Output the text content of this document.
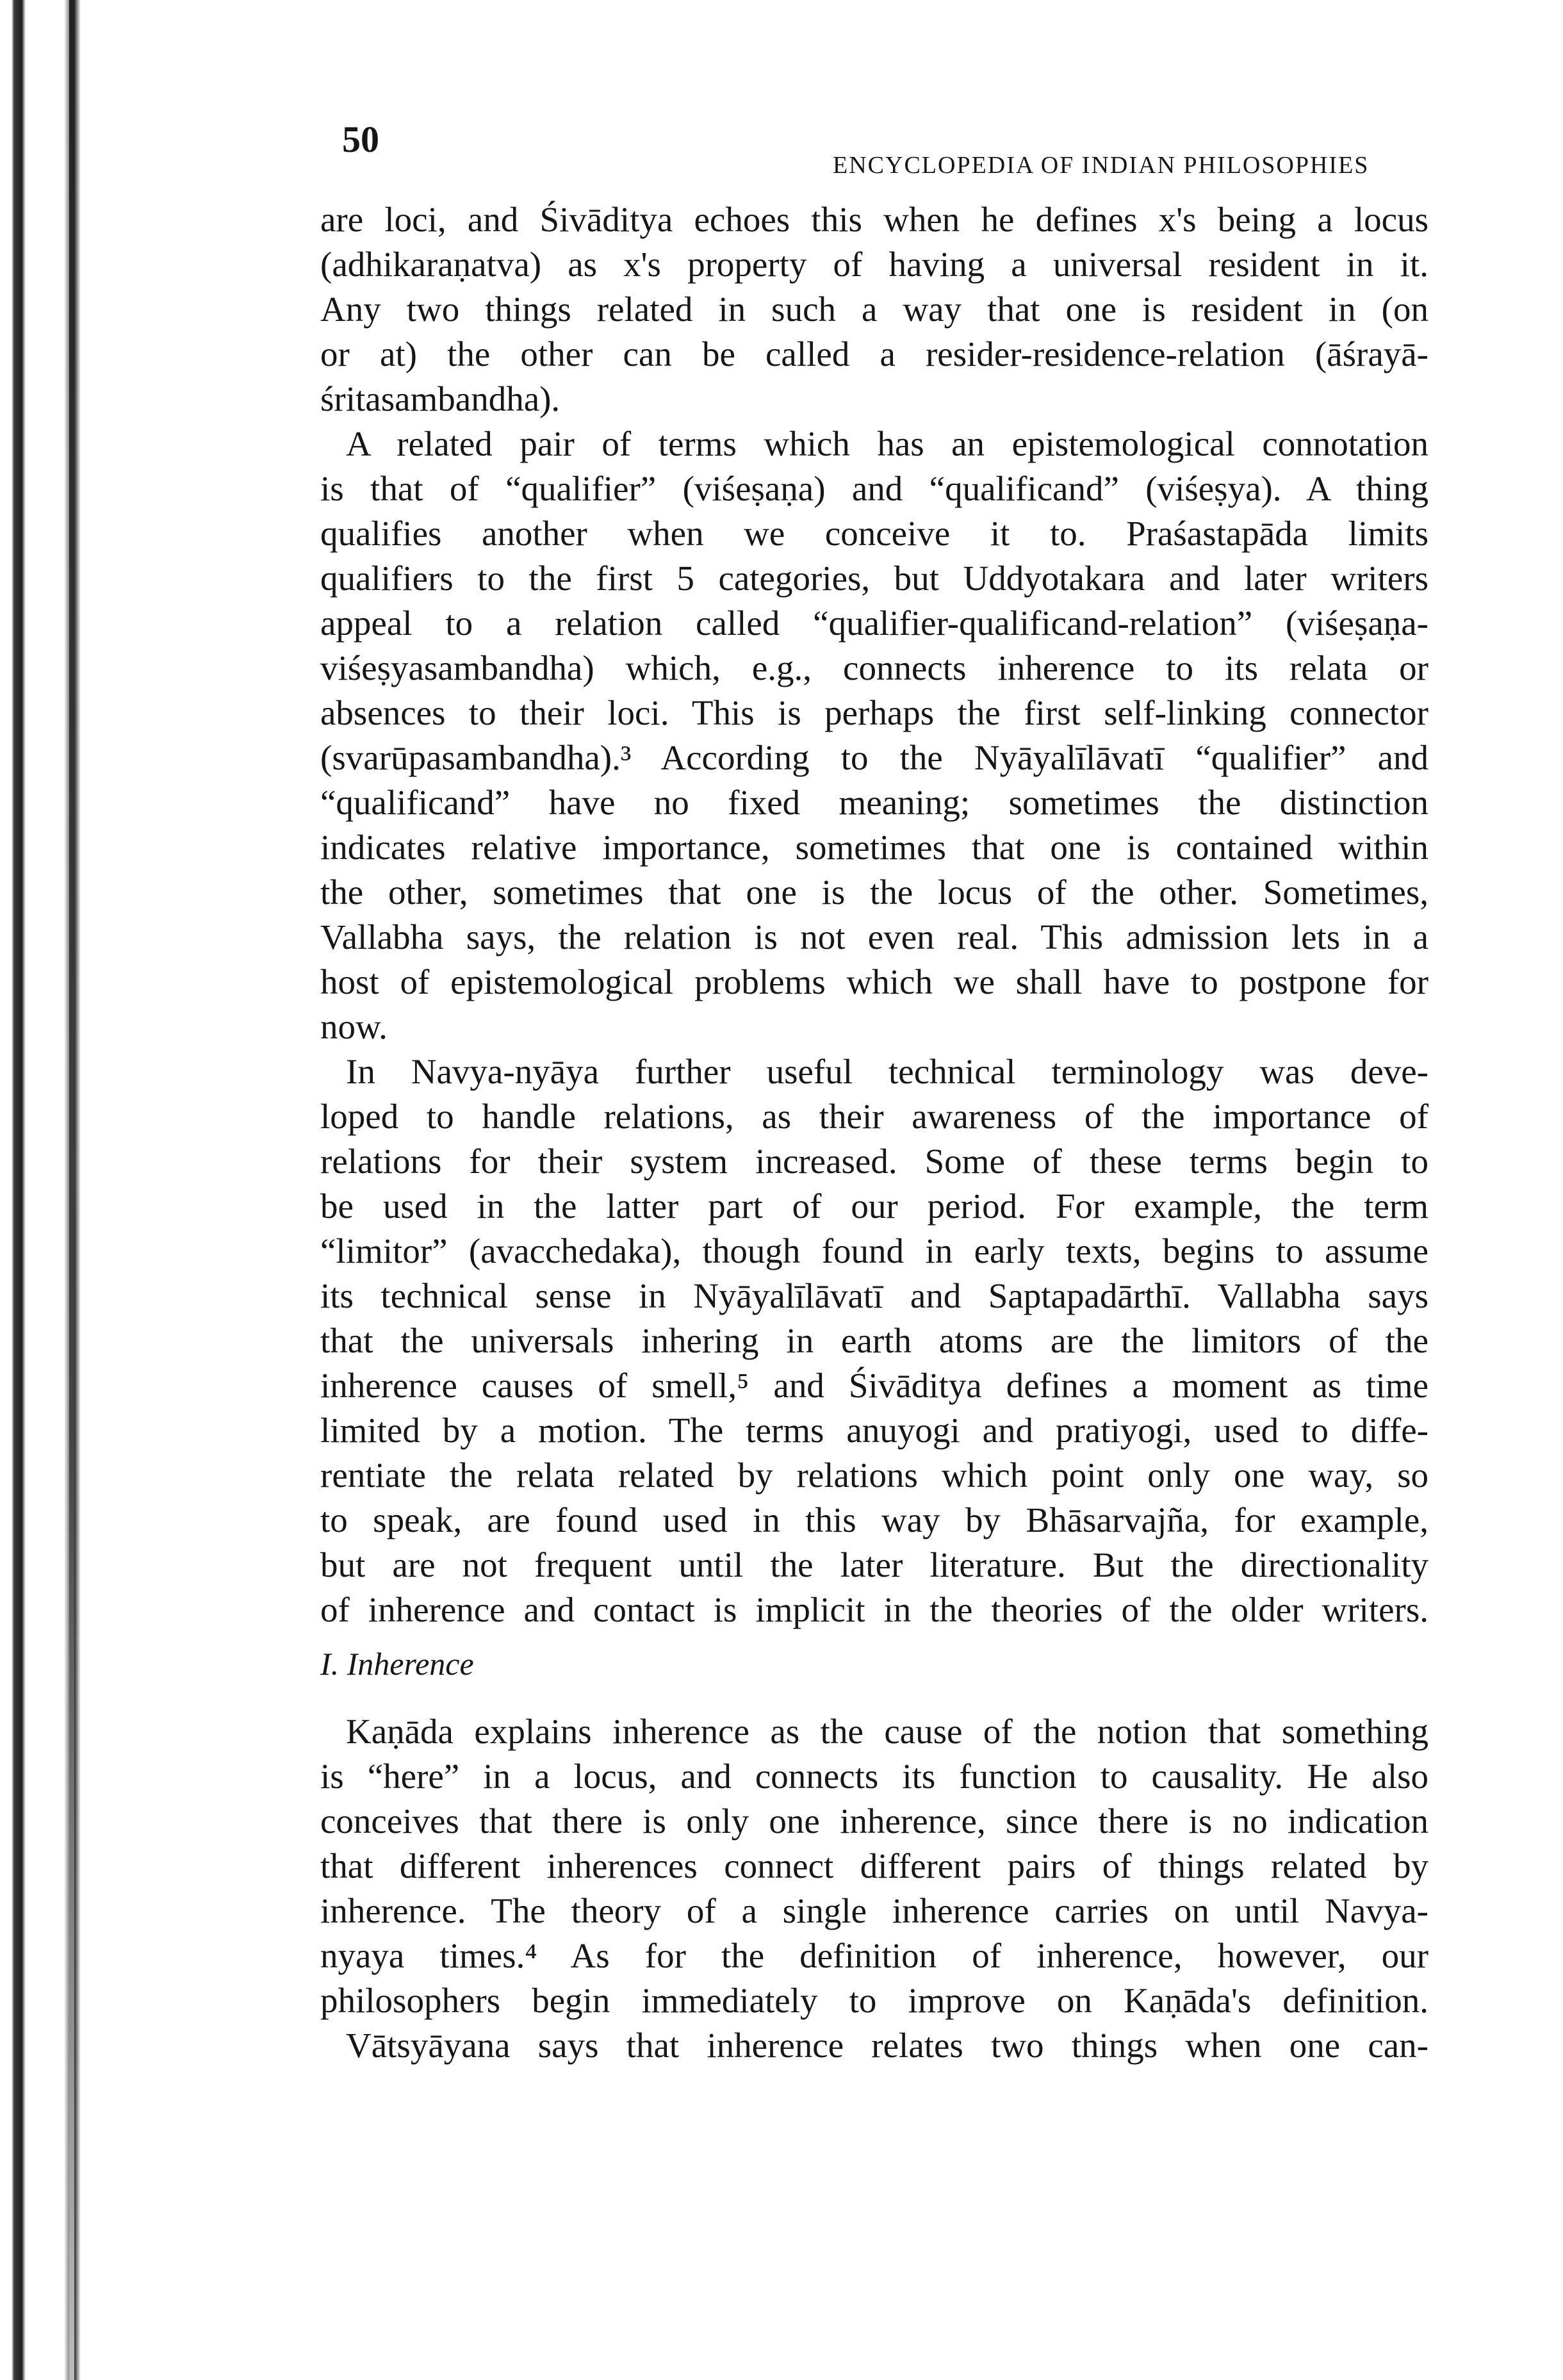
50
ENCYCLOPEDIA OF INDIAN PHILOSOPHIES
are loci, and Śivāditya echoes this when he defines x's being a locus
(adhikaraṇatva) as x's property of having a universal resident in it.
Any two things related in such a way that one is resident in (on
or at) the other can be called a resider-residence-relation (āśrayā-
śritasambandha).
A related pair of terms which has an epistemological connotation
is that of “qualifier” (viśeṣaṇa) and “qualificand” (viśeṣya). A thing
qualifies another when we conceive it to. Praśastapāda limits
qualifiers to the first 5 categories, but Uddyotakara and later writers
appeal to a relation called “qualifier-qualificand-relation” (viśeṣaṇa-
viśeṣyasambandha) which, e.g., connects inherence to its relata or
absences to their loci. This is perhaps the first self-linking connector
(svarūpasambandha).³ According to the Nyāyalīlāvatī “qualifier” and
“qualificand” have no fixed meaning; sometimes the distinction
indicates relative importance, sometimes that one is contained within
the other, sometimes that one is the locus of the other. Sometimes,
Vallabha says, the relation is not even real. This admission lets in a
host of epistemological problems which we shall have to postpone for
now.
In Navya-nyāya further useful technical terminology was deve-
loped to handle relations, as their awareness of the importance of
relations for their system increased. Some of these terms begin to
be used in the latter part of our period. For example, the term
“limitor” (avacchedaka), though found in early texts, begins to assume
its technical sense in Nyāyalīlāvatī and Saptapadārthī. Vallabha says
that the universals inhering in earth atoms are the limitors of the
inherence causes of smell,⁵ and Śivāditya defines a moment as time
limited by a motion. The terms anuyogi and pratiyogi, used to diffe-
rentiate the relata related by relations which point only one way, so
to speak, are found used in this way by Bhāsarvajña, for example,
but are not frequent until the later literature. But the directionality
of inherence and contact is implicit in the theories of the older writers.
I. Inherence
Kaṇāda explains inherence as the cause of the notion that something
is “here” in a locus, and connects its function to causality. He also
conceives that there is only one inherence, since there is no indication
that different inherences connect different pairs of things related by
inherence. The theory of a single inherence carries on until Navya-
nyaya times.⁴ As for the definition of inherence, however, our
philosophers begin immediately to improve on Kaṇāda's definition.
Vātsyāyana says that inherence relates two things when one can-
